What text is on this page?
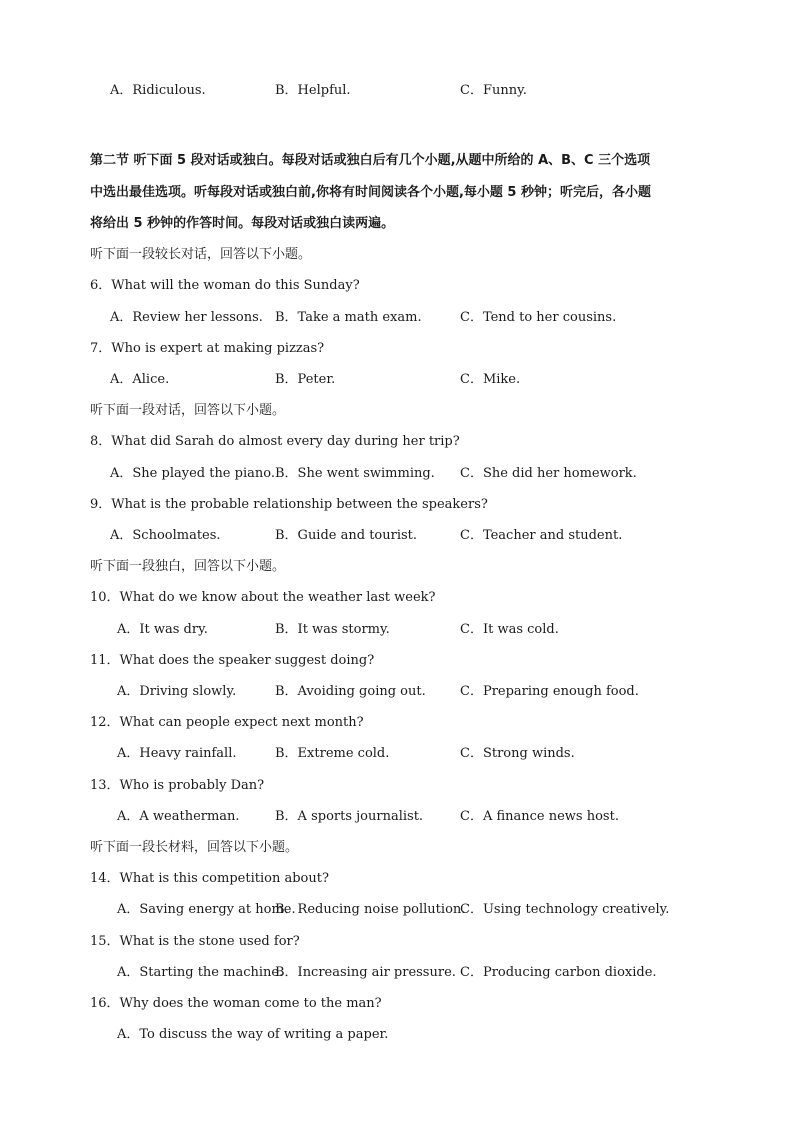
A．Ridiculous.	B．Helpful.	C．Funny.
第二节 听下面 5 段对话或独白。每段对话或独白后有几个小题,从题中所给的 A、B、C 三个选项
中选出最佳选项。听每段对话或独白前,你将有时间阅读各个小题,每小题 5 秒钟；听完后，各小题
将给出 5 秒钟的作答时间。每段对话或独白读两遍。
听下面一段较长对话，回答以下小题。
6．What will the woman do this Sunday?
A．Review her lessons. B．Take a math exam.	C．Tend to her cousins.
7．Who is expert at making pizzas?
A．Alice.	B．Peter.	C．Mike.
听下面一段对话，回答以下小题。
8．What did Sarah do almost every day during her trip?
A．She played the piano. B．She went swimming. C．She did her homework.
9．What is the probable relationship between the speakers?
A．Schoolmates.	B．Guide and tourist.	C．Teacher and student.
听下面一段独白，回答以下小题。
10．What do we know about the weather last week?
A．It was dry.	B．It was stormy.	C．It was cold.
11．What does the speaker suggest doing?
A．Driving slowly.	B．Avoiding going out.	C．Preparing enough food.
12．What can people expect next month?
A．Heavy rainfall.	B．Extreme cold.	C．Strong winds.
13．Who is probably Dan?
A．A weatherman.	B．A sports journalist.	C．A finance news host.
听下面一段长材料，回答以下小题。
14．What is this competition about?
A．Saving energy at home.
B．Reducing noise pollution.
C．Using technology creatively.
15．What is the stone used for?
A．Starting the machine.
B．Increasing air pressure. C．Producing carbon dioxide.
16．Why does the woman come to the man?
A．To discuss the way of writing a paper.
